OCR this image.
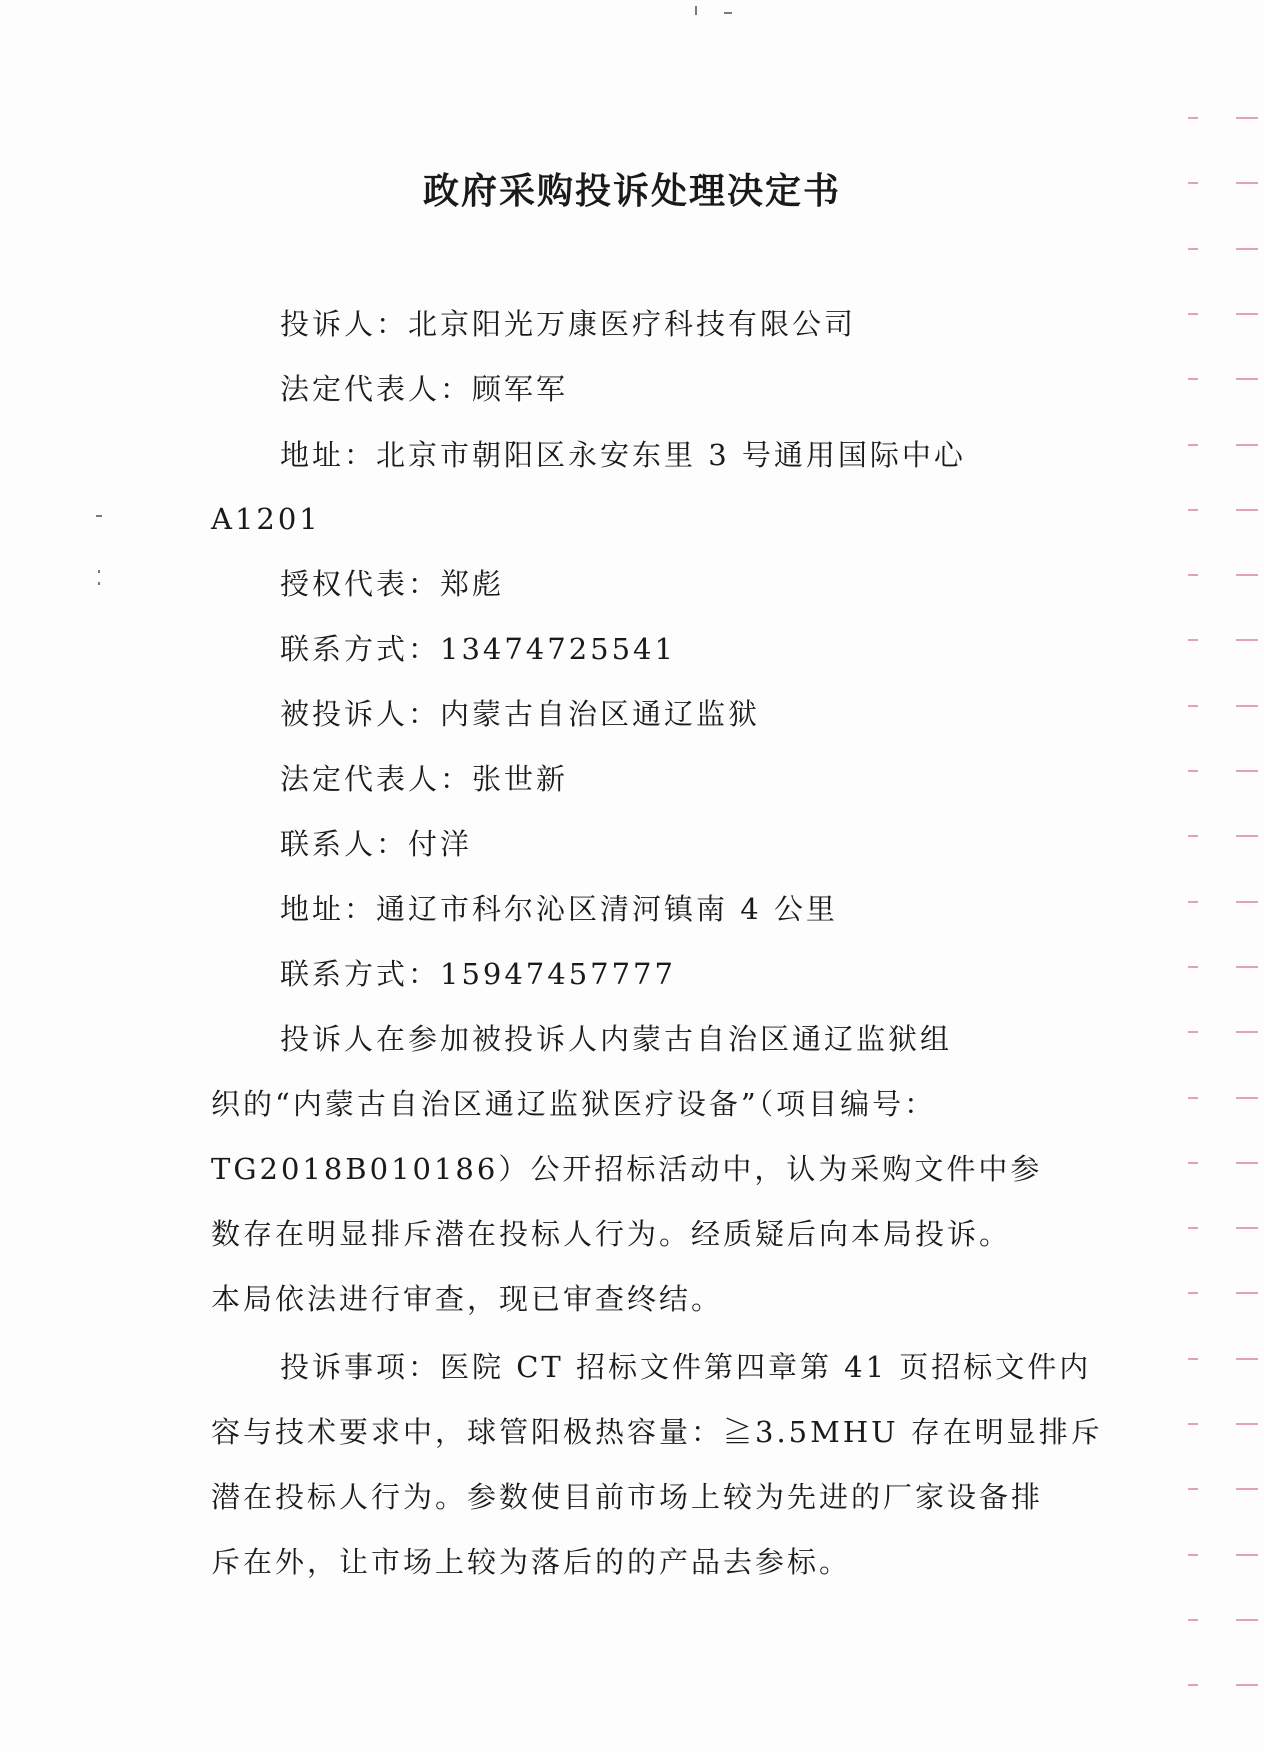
政府采购投诉处理决定书
投诉人：北京阳光万康医疗科技有限公司
法定代表人：顾军军
地址：北京市朝阳区永安东里 3 号通用国际中心
A1201
授权代表：郑彪
联系方式：13474725541
被投诉人：内蒙古自治区通辽监狱
法定代表人：张世新
联系人：付洋
地址：通辽市科尔沁区清河镇南 4 公里
联系方式：15947457777
投诉人在参加被投诉人内蒙古自治区通辽监狱组
织的“内蒙古自治区通辽监狱医疗设备”（项目编号：
TG2018B010186）公开招标活动中，认为采购文件中参
数存在明显排斥潜在投标人行为。经质疑后向本局投诉。
本局依法进行审查，现已审查终结。
投诉事项：医院 CT 招标文件第四章第 41 页招标文件内
容与技术要求中，球管阳极热容量：≧3.5MHU 存在明显排斥
潜在投标人行为。参数使目前市场上较为先进的厂家设备排
斥在外，让市场上较为落后的的产品去参标。
